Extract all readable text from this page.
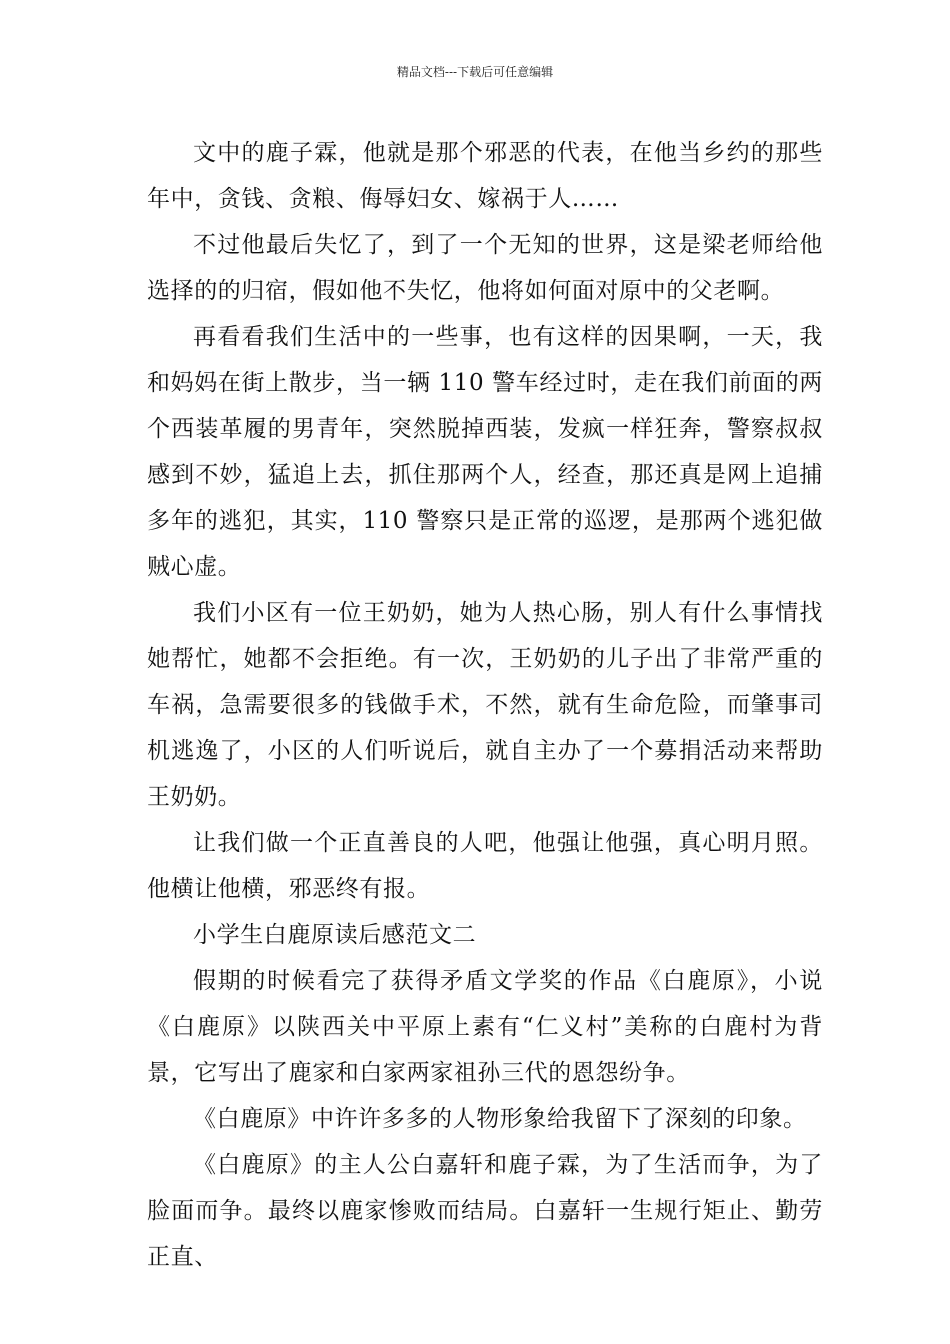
精品文档---下载后可任意编辑

文中的鹿子霖，他就是那个邪恶的代表，在他当乡约的那些年中，贪钱、贪粮、侮辱妇女、嫁祸于人……

不过他最后失忆了，到了一个无知的世界，这是梁老师给他选择的的归宿，假如他不失忆，他将如何面对原中的父老啊。

再看看我们生活中的一些事，也有这样的因果啊，一天，我和妈妈在街上散步，当一辆 110 警车经过时，走在我们前面的两个西装革履的男青年，突然脱掉西装，发疯一样狂奔，警察叔叔感到不妙，猛追上去，抓住那两个人，经查，那还真是网上追捕多年的逃犯，其实，110 警察只是正常的巡逻，是那两个逃犯做贼心虚。

我们小区有一位王奶奶，她为人热心肠，别人有什么事情找她帮忙，她都不会拒绝。有一次，王奶奶的儿子出了非常严重的车祸，急需要很多的钱做手术，不然，就有生命危险，而肇事司机逃逸了，小区的人们听说后，就自主办了一个募捐活动来帮助王奶奶。

让我们做一个正直善良的人吧，他强让他强，真心明月照。他横让他横，邪恶终有报。

小学生白鹿原读后感范文二

假期的时候看完了获得矛盾文学奖的作品《白鹿原》，小说《白鹿原》以陕西关中平原上素有“仁义村”美称的白鹿村为背景，它写出了鹿家和白家两家祖孙三代的恩怨纷争。

《白鹿原》中许许多多的人物形象给我留下了深刻的印象。

《白鹿原》的主人公白嘉轩和鹿子霖，为了生活而争，为了脸面而争。最终以鹿家惨败而结局。白嘉轩一生规行矩止、勤劳正直、
